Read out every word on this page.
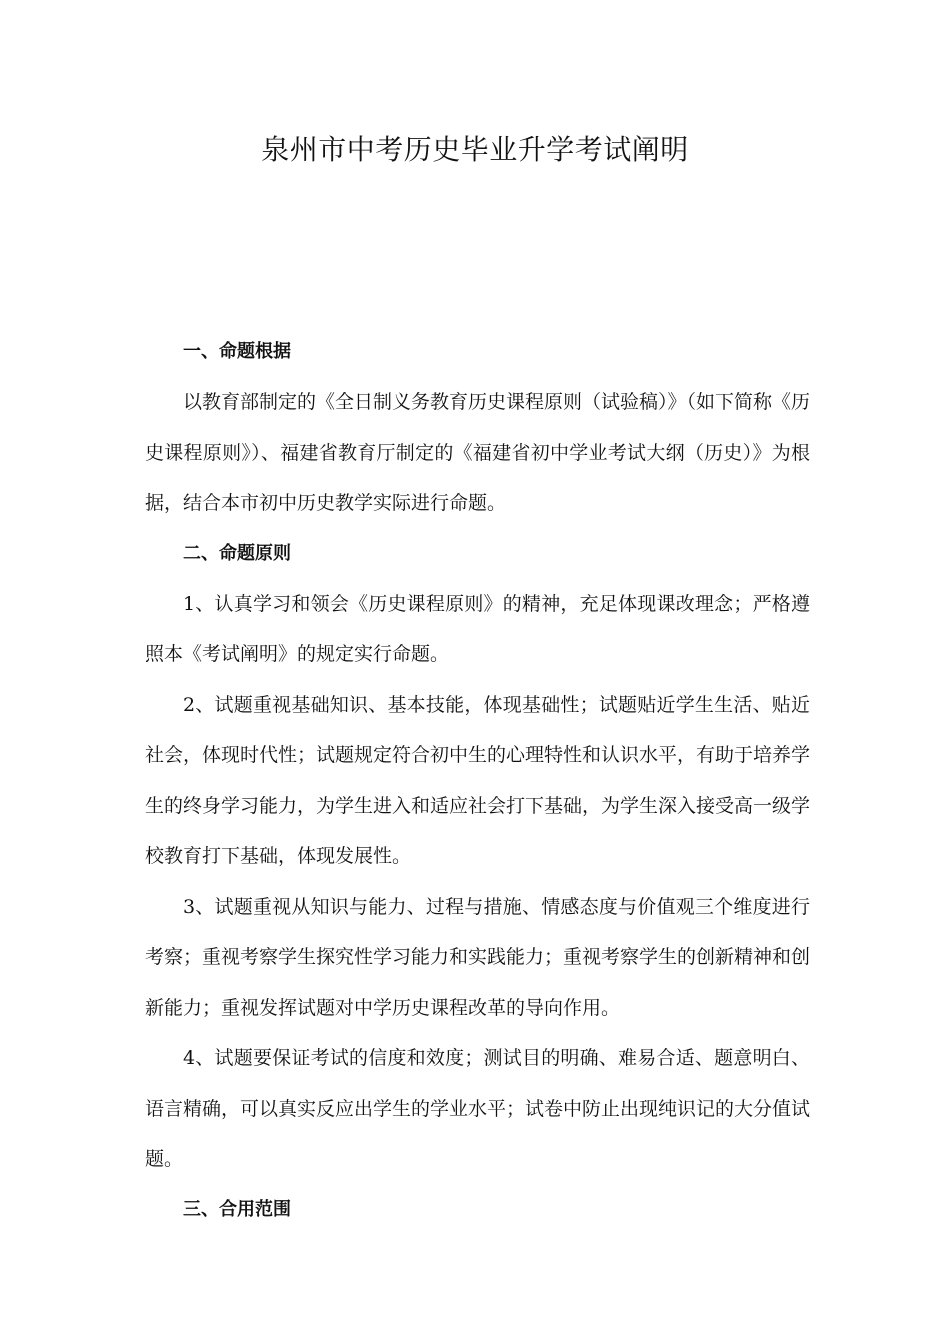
泉州市中考历史毕业升学考试阐明
一、命题根据

以教育部制定的《全日制义务教育历史课程原则（试验稿）》（如下简称《历史课程原则》）、福建省教育厅制定的《福建省初中学业考试大纲（历史）》为根据，结合本市初中历史教学实际进行命题。

二、命题原则

1、认真学习和领会《历史课程原则》的精神，充足体现课改理念；严格遵照本《考试阐明》的规定实行命题。

2、试题重视基础知识、基本技能，体现基础性；试题贴近学生生活、贴近社会，体现时代性；试题规定符合初中生的心理特性和认识水平，有助于培养学生的终身学习能力，为学生进入和适应社会打下基础，为学生深入接受高一级学校教育打下基础，体现发展性。

3、试题重视从知识与能力、过程与措施、情感态度与价值观三个维度进行考察；重视考察学生探究性学习能力和实践能力；重视考察学生的创新精神和创新能力；重视发挥试题对中学历史课程改革的导向作用。

4、试题要保证考试的信度和效度；测试目的明确、难易合适、题意明白、语言精确，可以真实反应出学生的学业水平；试卷中防止出现纯识记的大分值试题。

三、合用范围
